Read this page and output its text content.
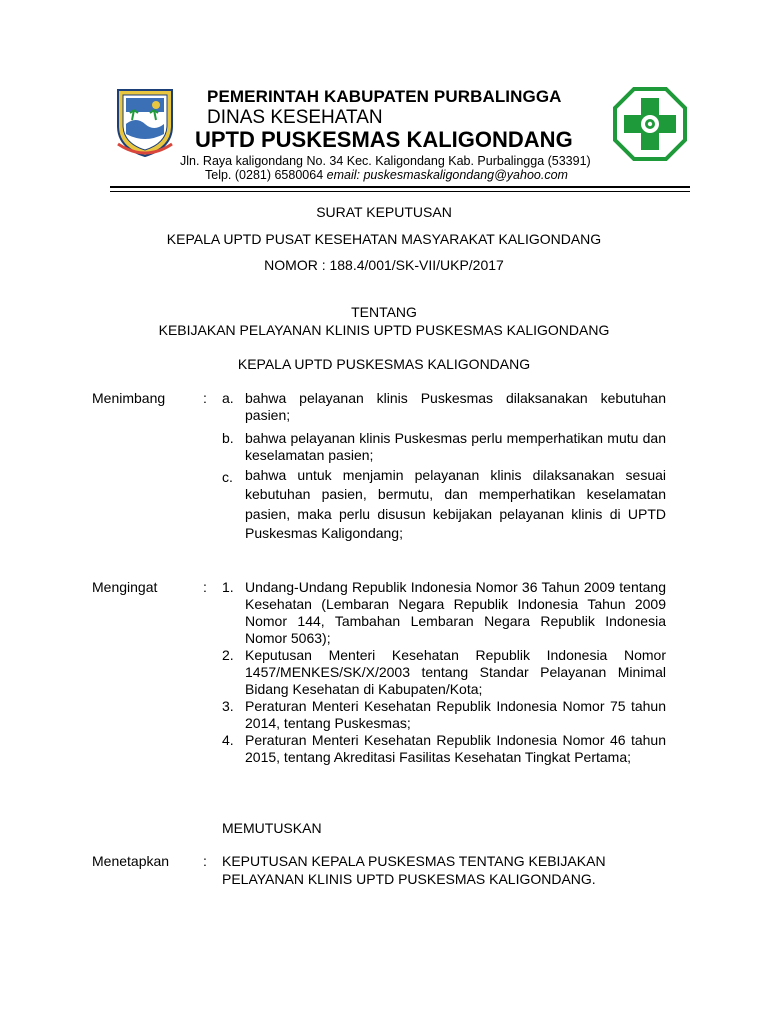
PEMERINTAH KABUPATEN PURBALINGGA
DINAS KESEHATAN
UPTD PUSKESMAS KALIGONDANG
Jln. Raya kaligondang No. 34 Kec. Kaligondang Kab. Purbalingga (53391)
Telp. (0281) 6580064 email: puskesmaskaligondang@yahoo.com
SURAT KEPUTUSAN
KEPALA UPTD PUSAT KESEHATAN MASYARAKAT KALIGONDANG
NOMOR : 188.4/001/SK-VII/UKP/2017
TENTANG
KEBIJAKAN PELAYANAN KLINIS UPTD PUSKESMAS KALIGONDANG
KEPALA UPTD PUSKESMAS KALIGONDANG
Menimbang	: a. bahwa pelayanan klinis Puskesmas dilaksanakan kebutuhan pasien;
b. bahwa pelayanan klinis Puskesmas perlu memperhatikan mutu dan keselamatan pasien;
c. bahwa untuk menjamin pelayanan klinis dilaksanakan sesuai kebutuhan pasien, bermutu, dan memperhatikan keselamatan pasien, maka perlu disusun kebijakan pelayanan klinis di UPTD Puskesmas Kaligondang;
Mengingat	: 1. Undang-Undang Republik Indonesia Nomor 36 Tahun 2009 tentang Kesehatan (Lembaran Negara Republik Indonesia Tahun 2009 Nomor 144, Tambahan Lembaran Negara Republik Indonesia Nomor 5063);
2. Keputusan Menteri Kesehatan Republik Indonesia Nomor 1457/MENKES/SK/X/2003 tentang Standar Pelayanan Minimal Bidang Kesehatan di Kabupaten/Kota;
3. Peraturan Menteri Kesehatan Republik Indonesia Nomor 75 tahun 2014, tentang Puskesmas;
4. Peraturan Menteri Kesehatan Republik Indonesia Nomor 46 tahun 2015, tentang Akreditasi Fasilitas Kesehatan Tingkat Pertama;
MEMUTUSKAN
Menetapkan : KEPUTUSAN KEPALA PUSKESMAS TENTANG KEBIJAKAN
PELAYANAN KLINIS UPTD PUSKESMAS KALIGONDANG.
